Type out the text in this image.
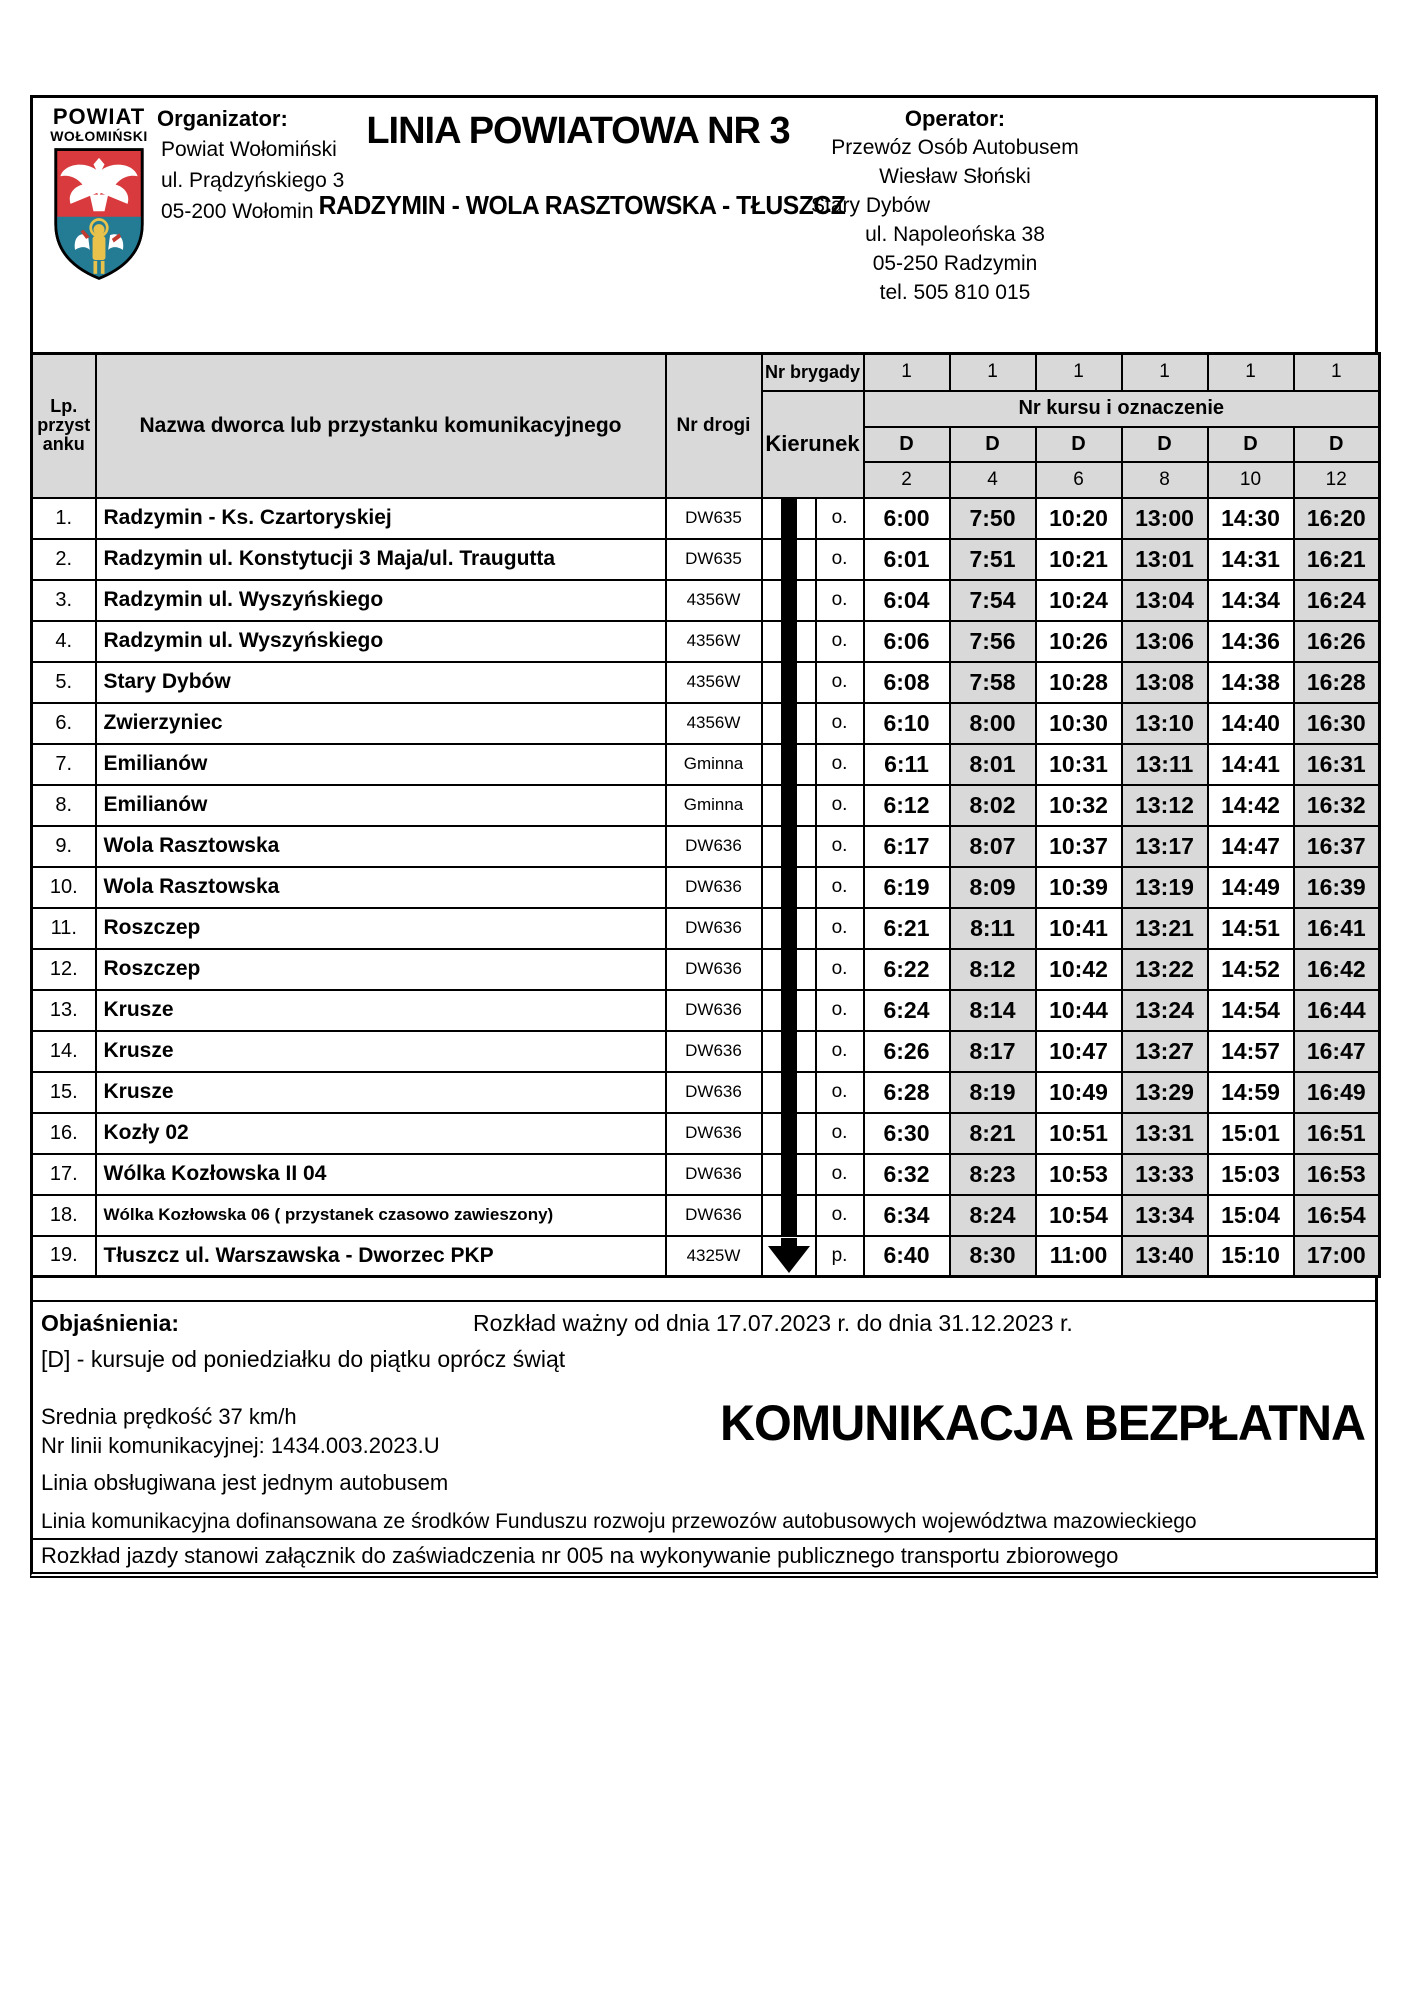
POWIAT
WOŁOMIŃSKI
Organizator:
Powiat Wołomiński
ul. Prądzyńskiego 3
05-200 Wołomin
LINIA POWIATOWA NR 3
RADZYMIN - WOLA RASZTOWSKA - TŁUSZCZ
Operator:
Przewóz Osób Autobusem
Wiesław Słoński
Stary Dybów
ul. Napoleońska 38
05-250 Radzymin
tel. 505 810 015
Lp. przyst anku	Nazwa dworca lub przystanku komunikacyjnego	Nr drogi	Nr brygady		1	1	1	1	1	1
			Kierunek		Nr kursu i oznaczenie					
					D	D	D	D	D	D
					2	4	6	8	10	12
1.	Radzymin - Ks. Czartoryskiej	DW635		o.	6:00	7:50	10:20	13:00	14:30	16:20
2.	Radzymin ul. Konstytucji 3 Maja/ul. Traugutta	DW635		o.	6:01	7:51	10:21	13:01	14:31	16:21
3.	Radzymin ul. Wyszyńskiego	4356W		o.	6:04	7:54	10:24	13:04	14:34	16:24
4.	Radzymin ul. Wyszyńskiego	4356W		o.	6:06	7:56	10:26	13:06	14:36	16:26
5.	Stary Dybów	4356W		o.	6:08	7:58	10:28	13:08	14:38	16:28
6.	Zwierzyniec	4356W		o.	6:10	8:00	10:30	13:10	14:40	16:30
7.	Emilianów	Gminna		o.	6:11	8:01	10:31	13:11	14:41	16:31
8.	Emilianów	Gminna		o.	6:12	8:02	10:32	13:12	14:42	16:32
9.	Wola Rasztowska	DW636		o.	6:17	8:07	10:37	13:17	14:47	16:37
10.	Wola Rasztowska	DW636		o.	6:19	8:09	10:39	13:19	14:49	16:39
11.	Roszczep	DW636		o.	6:21	8:11	10:41	13:21	14:51	16:41
12.	Roszczep	DW636		o.	6:22	8:12	10:42	13:22	14:52	16:42
13.	Krusze	DW636		o.	6:24	8:14	10:44	13:24	14:54	16:44
14.	Krusze	DW636		o.	6:26	8:17	10:47	13:27	14:57	16:47
15.	Krusze	DW636		o.	6:28	8:19	10:49	13:29	14:59	16:49
16.	Kozły 02	DW636		o.	6:30	8:21	10:51	13:31	15:01	16:51
17.	Wólka Kozłowska II 04	DW636		o.	6:32	8:23	10:53	13:33	15:03	16:53
18.	Wólka Kozłowska 06 ( przystanek czasowo zawieszony)	DW636		o.	6:34	8:24	10:54	13:34	15:04	16:54
19.	Tłuszcz ul. Warszawska - Dworzec PKP	4325W		p.	6:40	8:30	11:00	13:40	15:10	17:00
Objaśnienia:	Rozkład ważny od dnia 17.07.2023 r. do dnia 31.12.2023 r.
[D] - kursuje od poniedziałku do piątku oprócz świąt
Srednia prędkość 37 km/h
Nr linii komunikacyjnej: 1434.003.2023.U
Linia obsługiwana jest jednym autobusem
KOMUNIKACJA BEZPŁATNA
Linia komunikacyjna dofinansowana ze środków Funduszu rozwoju przewozów autobusowych województwa mazowieckiego
Rozkład jazdy stanowi załącznik do zaświadczenia nr 005 na wykonywanie publicznego transportu zbiorowego
